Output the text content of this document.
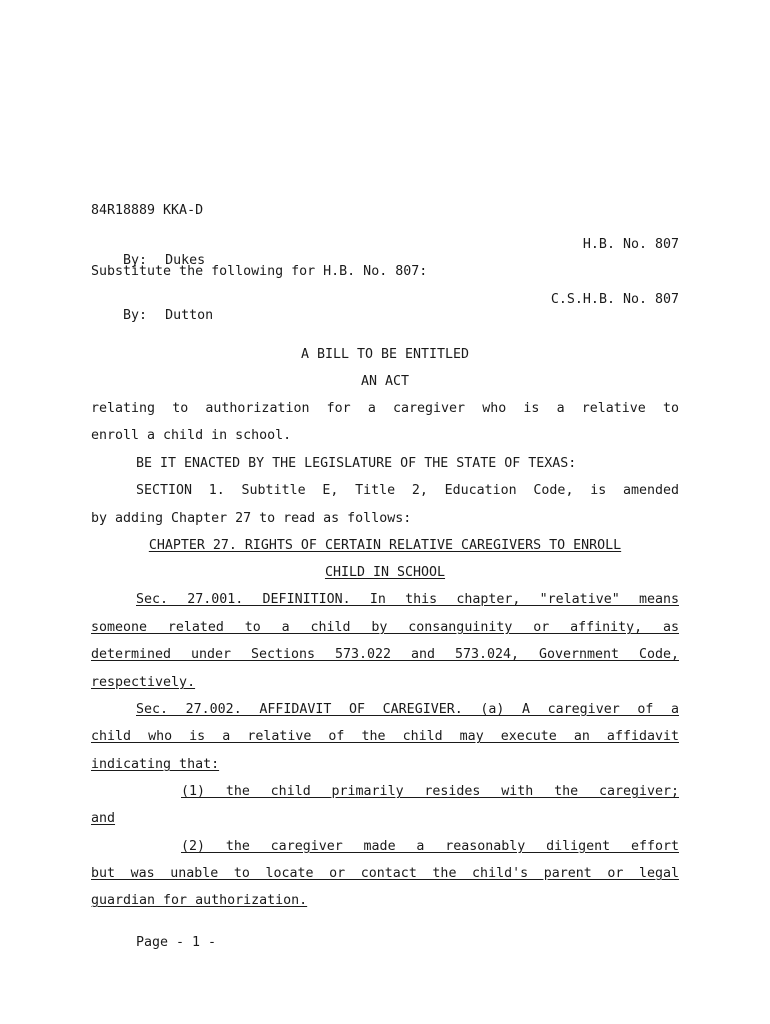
84R18889 KKA-D

By: Dukes

H.B. No. 807

Substitute the following for H.B. No. 807:

By: Dutton

C.S.H.B. No. 807

A BILL TO BE ENTITLED
AN ACT
relating to authorization for a caregiver who is a relative to
enroll a child in school.
BE IT ENACTED BY THE LEGISLATURE OF THE STATE OF TEXAS:
SECTION 1. Subtitle E, Title 2, Education Code, is amended
by adding Chapter 27 to read as follows:
CHAPTER 27. RIGHTS OF CERTAIN RELATIVE CAREGIVERS TO ENROLL
CHILD IN SCHOOL
Sec. 27.001. DEFINITION. In this chapter, "relative" means
someone related to a child by consanguinity or affinity, as
determined under Sections 573.022 and 573.024, Government Code,
respectively.
Sec. 27.002. AFFIDAVIT OF CAREGIVER. (a) A caregiver of a
child who is a relative of the child may execute an affidavit
indicating that:
(1) the child primarily resides with the caregiver;
and
(2) the caregiver made a reasonably diligent effort
but was unable to locate or contact the child's parent or legal
guardian for authorization.
Page - 1 -
